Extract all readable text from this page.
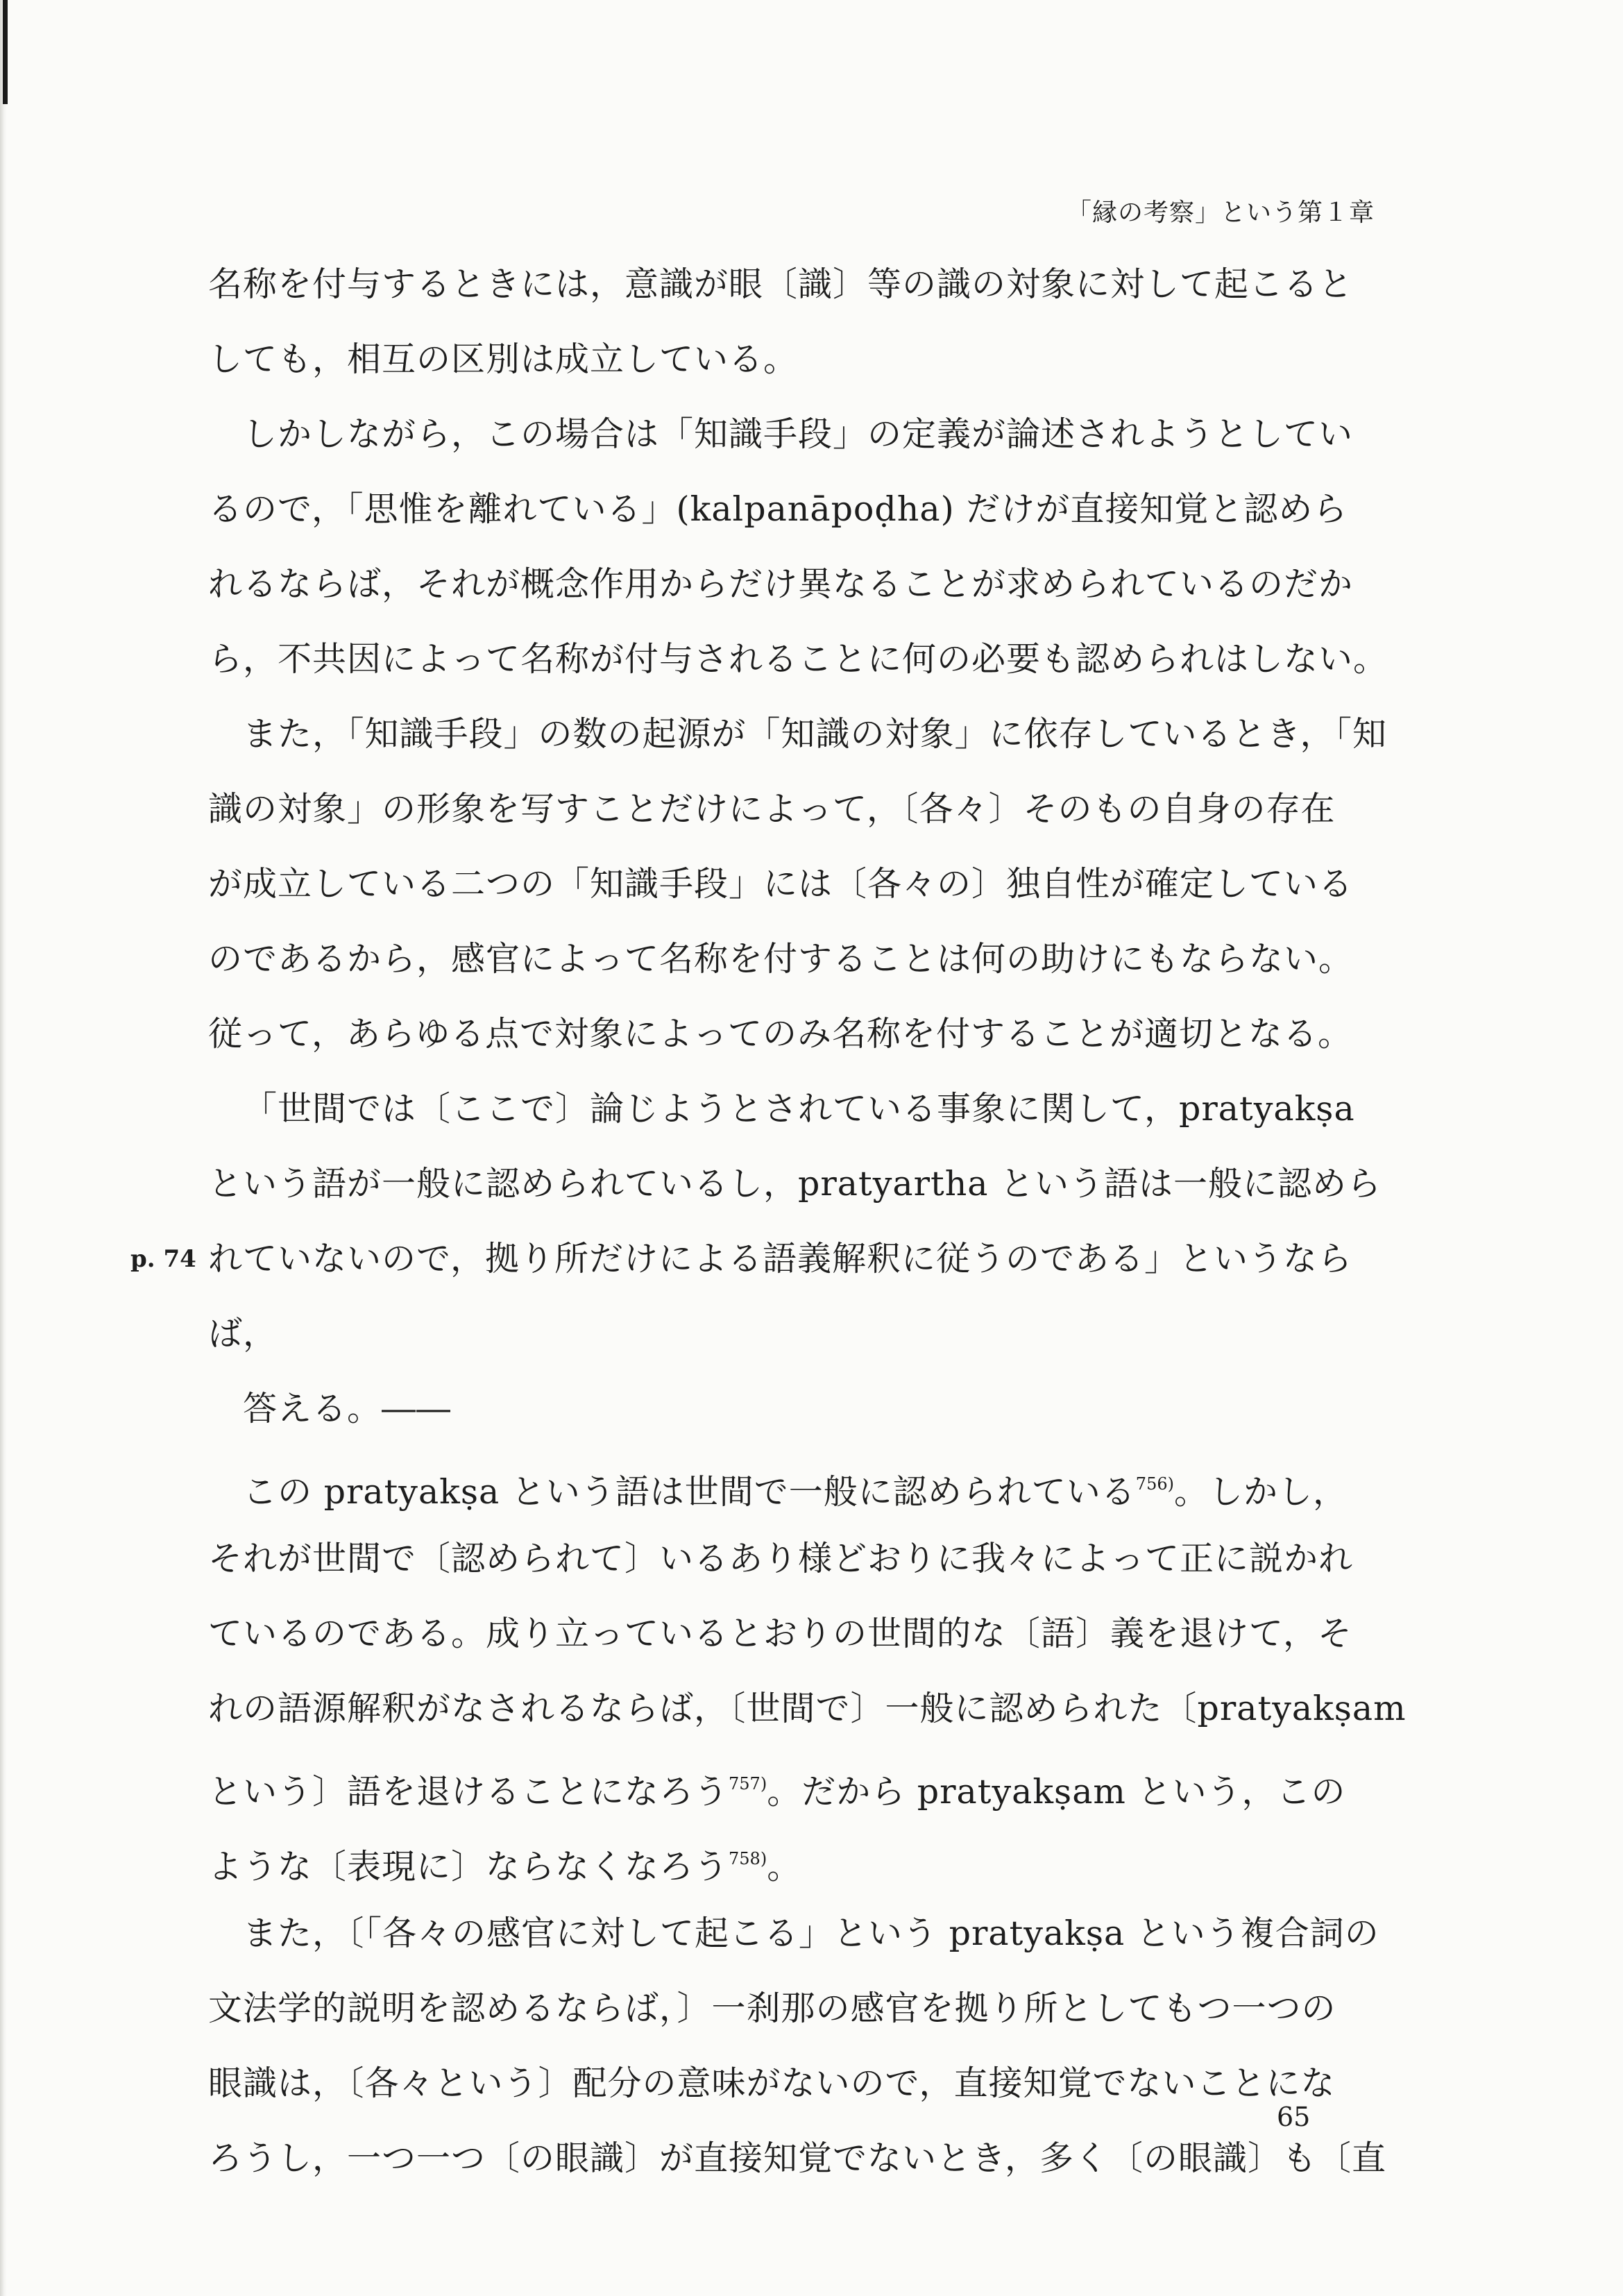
「縁の考察」という第１章
名称を付与するときには，意識が眼〔識〕等の識の対象に対して起こると
しても，相互の区別は成立している。
しかしながら，この場合は「知識手段」の定義が論述されようとしてい
るので，「思惟を離れている」(kalpanāpoḍha) だけが直接知覚と認めら
れるならば，それが概念作用からだけ異なることが求められているのだか
ら，不共因によって名称が付与されることに何の必要も認められはしない。
また，「知識手段」の数の起源が「知識の対象」に依存しているとき，「知
識の対象」の形象を写すことだけによって，〔各々〕そのもの自身の存在
が成立している二つの「知識手段」には〔各々の〕独自性が確定している
のであるから，感官によって名称を付することは何の助けにもならない。
従って，あらゆる点で対象によってのみ名称を付することが適切となる。
「世間では〔ここで〕論じようとされている事象に関して，pratyakṣa
という語が一般に認められているし，pratyartha という語は一般に認めら
れていないので，拠り所だけによる語義解釈に従うのである」というなら
p. 74
ば，
答える。――
この pratyakṣa という語は世間で一般に認められている$^{756)}$。しかし，
それが世間で〔認められて〕いるあり様どおりに我々によって正に説かれ
ているのである。成り立っているとおりの世間的な〔語〕義を退けて，そ
れの語源解釈がなされるならば，〔世間で〕一般に認められた〔pratyakṣam
という〕語を退けることになろう$^{757)}$。だから pratyakṣam という，この
ような〔表現に〕ならなくなろう$^{758)}$。
また，〔「各々の感官に対して起こる」という pratyakṣa という複合詞の
文法学的説明を認めるならば，〕一刹那の感官を拠り所としてもつ一つの
眼識は，〔各々という〕配分の意味がないので，直接知覚でないことにな
ろうし，一つ一つ〔の眼識〕が直接知覚でないとき，多く〔の眼識〕も〔直
65
